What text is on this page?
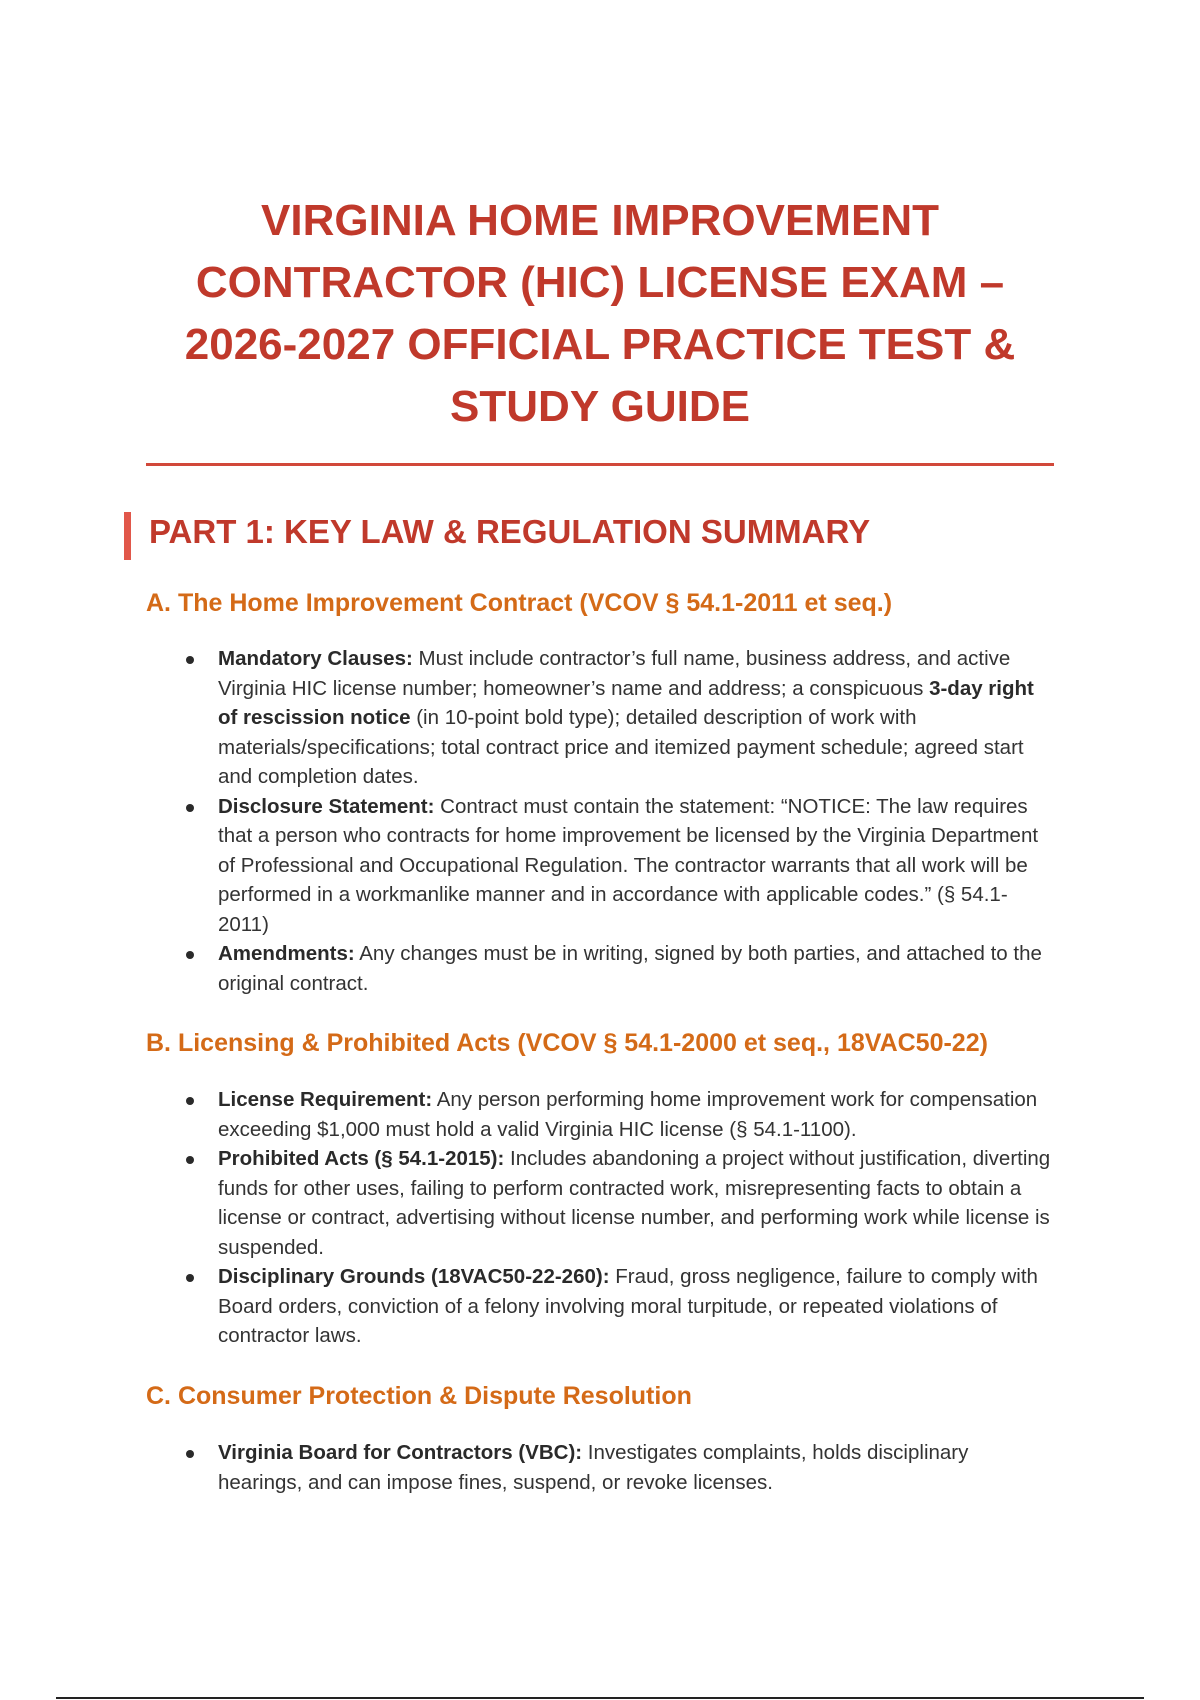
VIRGINIA HOME IMPROVEMENT CONTRACTOR (HIC) LICENSE EXAM – 2026-2027 OFFICIAL PRACTICE TEST & STUDY GUIDE
PART 1: KEY LAW & REGULATION SUMMARY
A. The Home Improvement Contract (VCOV § 54.1-2011 et seq.)
Mandatory Clauses: Must include contractor’s full name, business address, and active Virginia HIC license number; homeowner’s name and address; a conspicuous 3-day right of rescission notice (in 10-point bold type); detailed description of work with materials/specifications; total contract price and itemized payment schedule; agreed start and completion dates.
Disclosure Statement: Contract must contain the statement: “NOTICE: The law requires that a person who contracts for home improvement be licensed by the Virginia Department of Professional and Occupational Regulation. The contractor warrants that all work will be performed in a workmanlike manner and in accordance with applicable codes.” (§ 54.1-2011)
Amendments: Any changes must be in writing, signed by both parties, and attached to the original contract.
B. Licensing & Prohibited Acts (VCOV § 54.1-2000 et seq., 18VAC50-22)
License Requirement: Any person performing home improvement work for compensation exceeding $1,000 must hold a valid Virginia HIC license (§ 54.1-1100).
Prohibited Acts (§ 54.1-2015): Includes abandoning a project without justification, diverting funds for other uses, failing to perform contracted work, misrepresenting facts to obtain a license or contract, advertising without license number, and performing work while license is suspended.
Disciplinary Grounds (18VAC50-22-260): Fraud, gross negligence, failure to comply with Board orders, conviction of a felony involving moral turpitude, or repeated violations of contractor laws.
C. Consumer Protection & Dispute Resolution
Virginia Board for Contractors (VBC): Investigates complaints, holds disciplinary hearings, and can impose fines, suspend, or revoke licenses.
